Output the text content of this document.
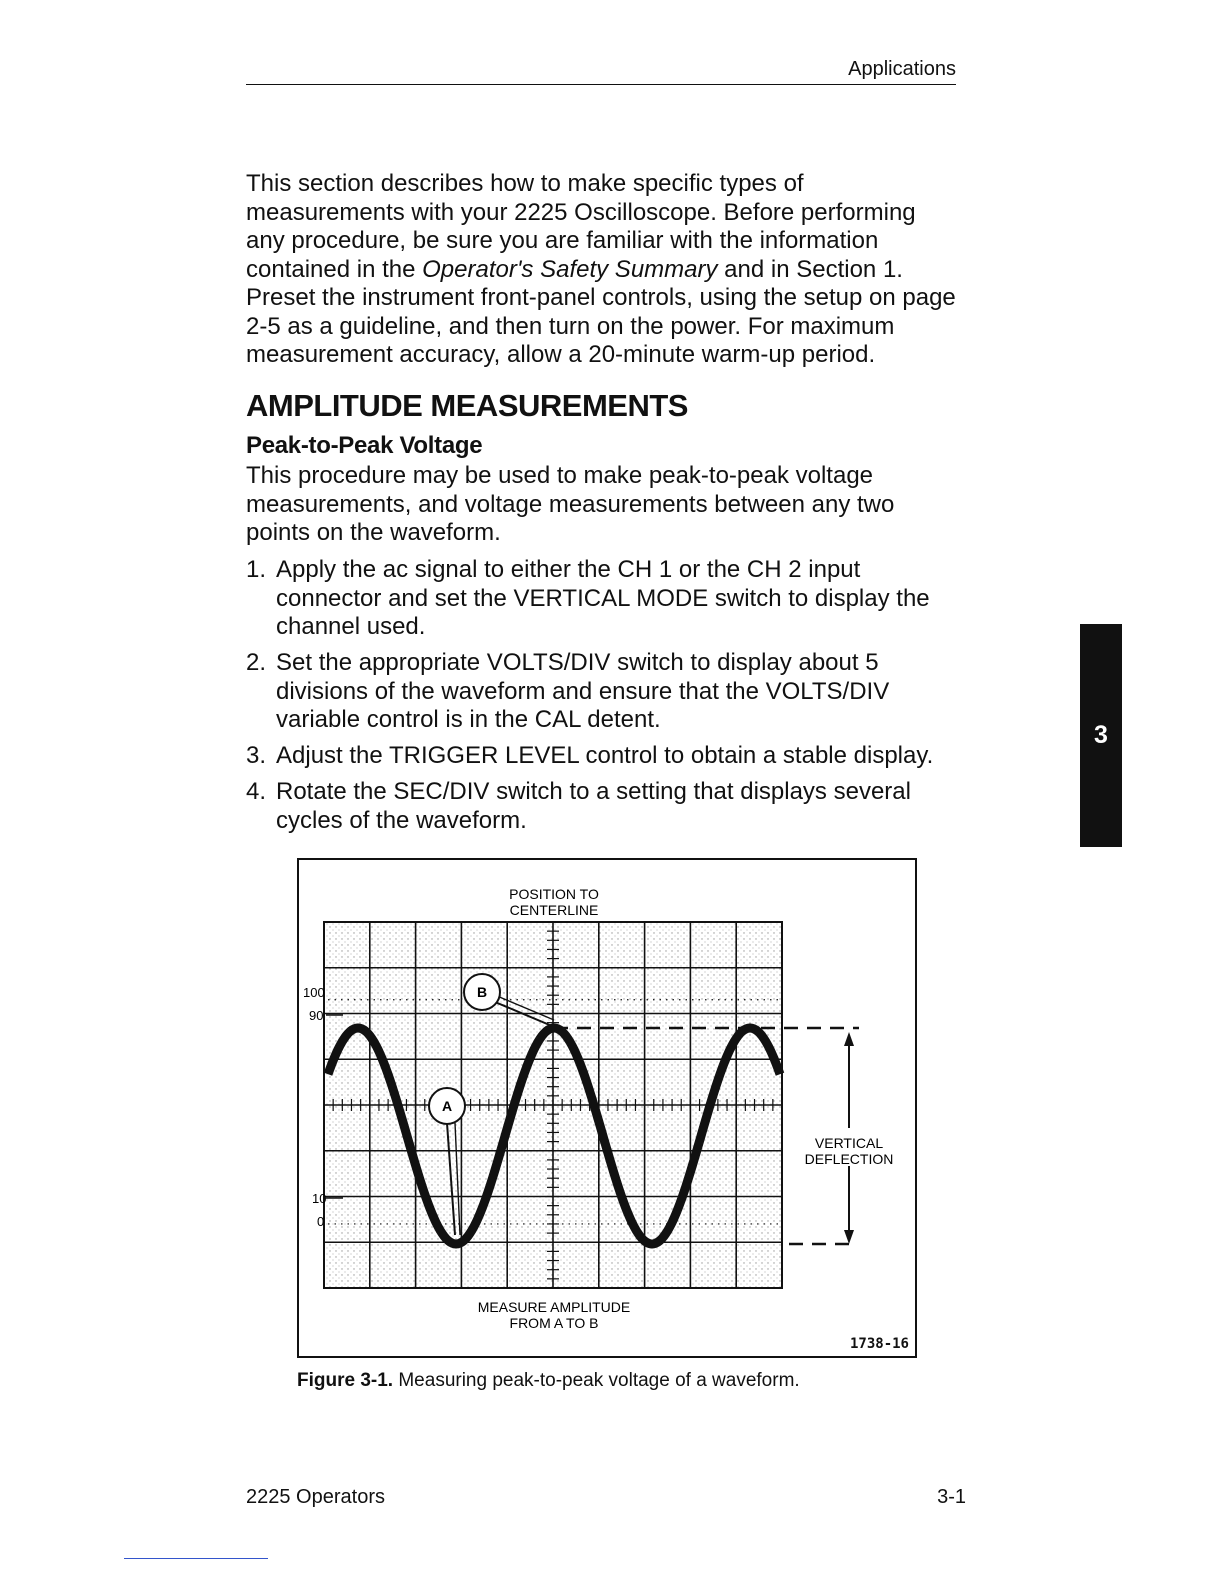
Applications
This section describes how to make specific types of measurements with your 2225 Oscilloscope. Before performing any procedure, be sure you are familiar with the information contained in the Operator's Safety Summary and in Section 1. Preset the instrument front-panel controls, using the setup on page 2-5 as a guideline, and then turn on the power. For maximum measurement accuracy, allow a 20-minute warm-up period.
AMPLITUDE MEASUREMENTS
Peak-to-Peak Voltage
This procedure may be used to make peak-to-peak voltage measurements, and voltage measurements between any two points on the waveform.
1. Apply the ac signal to either the CH 1 or the CH 2 input connector and set the VERTICAL MODE switch to display the channel used.
2. Set the appropriate VOLTS/DIV switch to display about 5 divisions of the waveform and ensure that the VOLTS/DIV variable control is in the CAL detent.
3. Adjust the TRIGGER LEVEL control to obtain a stable display.
4. Rotate the SEC/DIV switch to a setting that displays several cycles of the waveform.
3
VERTICAL
DEFLECTION
POSITION TO
CENTERLINE
MEASURE AMPLITUDE
FROM A TO B
100
90
10
0
A
B
1738-16
Figure 3-1. Measuring peak-to-peak voltage of a waveform.
2225 Operators	3-1
